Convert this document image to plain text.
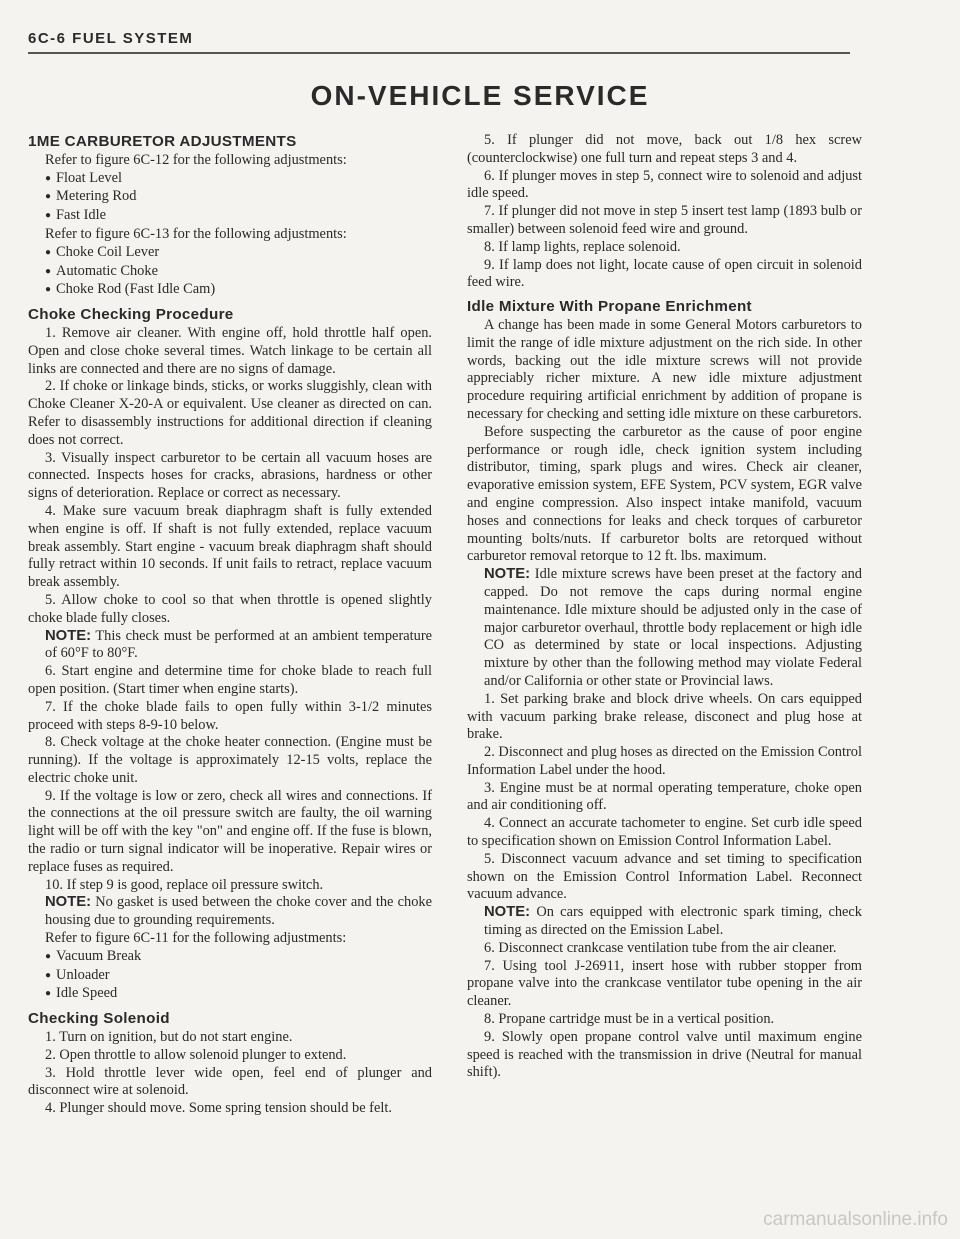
6C-6 FUEL SYSTEM
ON-VEHICLE SERVICE
1ME CARBURETOR ADJUSTMENTS

Refer to figure 6C-12 for the following adjustments:

● Float Level
● Metering Rod
● Fast Idle

Refer to figure 6C-13 for the following adjustments:

● Choke Coil Lever
● Automatic Choke
● Choke Rod (Fast Idle Cam)
Choke Checking Procedure

1. Remove air cleaner. With engine off, hold throttle half open. Open and close choke several times. Watch linkage to be certain all links are connected and there are no signs of damage.

2. If choke or linkage binds, sticks, or works sluggishly, clean with Choke Cleaner X-20-A or equivalent. Use cleaner as directed on can. Refer to disassembly instructions for additional direction if cleaning does not correct.

3. Visually inspect carburetor to be certain all vacuum hoses are connected. Inspects hoses for cracks, abrasions, hardness or other signs of deterioration. Replace or correct as necessary.

4. Make sure vacuum break diaphragm shaft is fully extended when engine is off. If shaft is not fully extended, replace vacuum break assembly. Start engine - vacuum break diaphragm shaft should fully retract within 10 seconds. If unit fails to retract, replace vacuum break assembly.

5. Allow choke to cool so that when throttle is opened slightly choke blade fully closes.

NOTE: This check must be performed at an ambient temperature of 60°F to 80°F.

6. Start engine and determine time for choke blade to reach full open position. (Start timer when engine starts).

7. If the choke blade fails to open fully within 3-1/2 minutes proceed with steps 8-9-10 below.

8. Check voltage at the choke heater connection. (Engine must be running). If the voltage is approximately 12-15 volts, replace the electric choke unit.

9. If the voltage is low or zero, check all wires and connections. If the connections at the oil pressure switch are faulty, the oil warning light will be off with the key "on" and engine off. If the fuse is blown, the radio or turn signal indicator will be inoperative. Repair wires or replace fuses as required.

10. If step 9 is good, replace oil pressure switch.

NOTE: No gasket is used between the choke cover and the choke housing due to grounding requirements.

Refer to figure 6C-11 for the following adjustments:

● Vacuum Break
● Unloader
● Idle Speed
Checking Solenoid

1. Turn on ignition, but do not start engine.

2. Open throttle to allow solenoid plunger to extend.

3. Hold throttle lever wide open, feel end of plunger and disconnect wire at solenoid.

4. Plunger should move. Some spring tension should be felt.

5. If plunger did not move, back out 1/8 hex screw (counterclockwise) one full turn and repeat steps 3 and 4.

6. If plunger moves in step 5, connect wire to solenoid and adjust idle speed.

7. If plunger did not move in step 5 insert test lamp (1893 bulb or smaller) between solenoid feed wire and ground.

8. If lamp lights, replace solenoid.

9. If lamp does not light, locate cause of open circuit in solenoid feed wire.

Idle Mixture With Propane Enrichment

A change has been made in some General Motors carburetors to limit the range of idle mixture adjustment on the rich side. In other words, backing out the idle mixture screws will not provide appreciably richer mixture. A new idle mixture adjustment procedure requiring artificial enrichment by addition of propane is necessary for checking and setting idle mixture on these carburetors.

Before suspecting the carburetor as the cause of poor engine performance or rough idle, check ignition system including distributor, timing, spark plugs and wires. Check air cleaner, evaporative emission system, EFE System, PCV system, EGR valve and engine compression. Also inspect intake manifold, vacuum hoses and connections for leaks and check torques of carburetor mounting bolts/nuts. If carburetor bolts are retorqued without carburetor removal retorque to 12 ft. lbs. maximum.

NOTE: Idle mixture screws have been preset at the factory and capped. Do not remove the caps during normal engine maintenance. Idle mixture should be adjusted only in the case of major carburetor overhaul, throttle body replacement or high idle CO as determined by state or local inspections. Adjusting mixture by other than the following method may violate Federal and/or California or other state or Provincial laws.

1. Set parking brake and block drive wheels. On cars equipped with vacuum parking brake release, disconect and plug hose at brake.

2. Disconnect and plug hoses as directed on the Emission Control Information Label under the hood.

3. Engine must be at normal operating temperature, choke open and air conditioning off.

4. Connect an accurate tachometer to engine. Set curb idle speed to specification shown on Emission Control Information Label.

5. Disconnect vacuum advance and set timing to specification shown on the Emission Control Information Label. Reconnect vacuum advance.

NOTE: On cars equipped with electronic spark timing, check timing as directed on the Emission Label.

6. Disconnect crankcase ventilation tube from the air cleaner.

7. Using tool J-26911, insert hose with rubber stopper from propane valve into the crankcase ventilator tube opening in the air cleaner.

8. Propane cartridge must be in a vertical position.

9. Slowly open propane control valve until maximum engine speed is reached with the transmission in drive (Neutral for manual shift).

carmanualsonline.info
